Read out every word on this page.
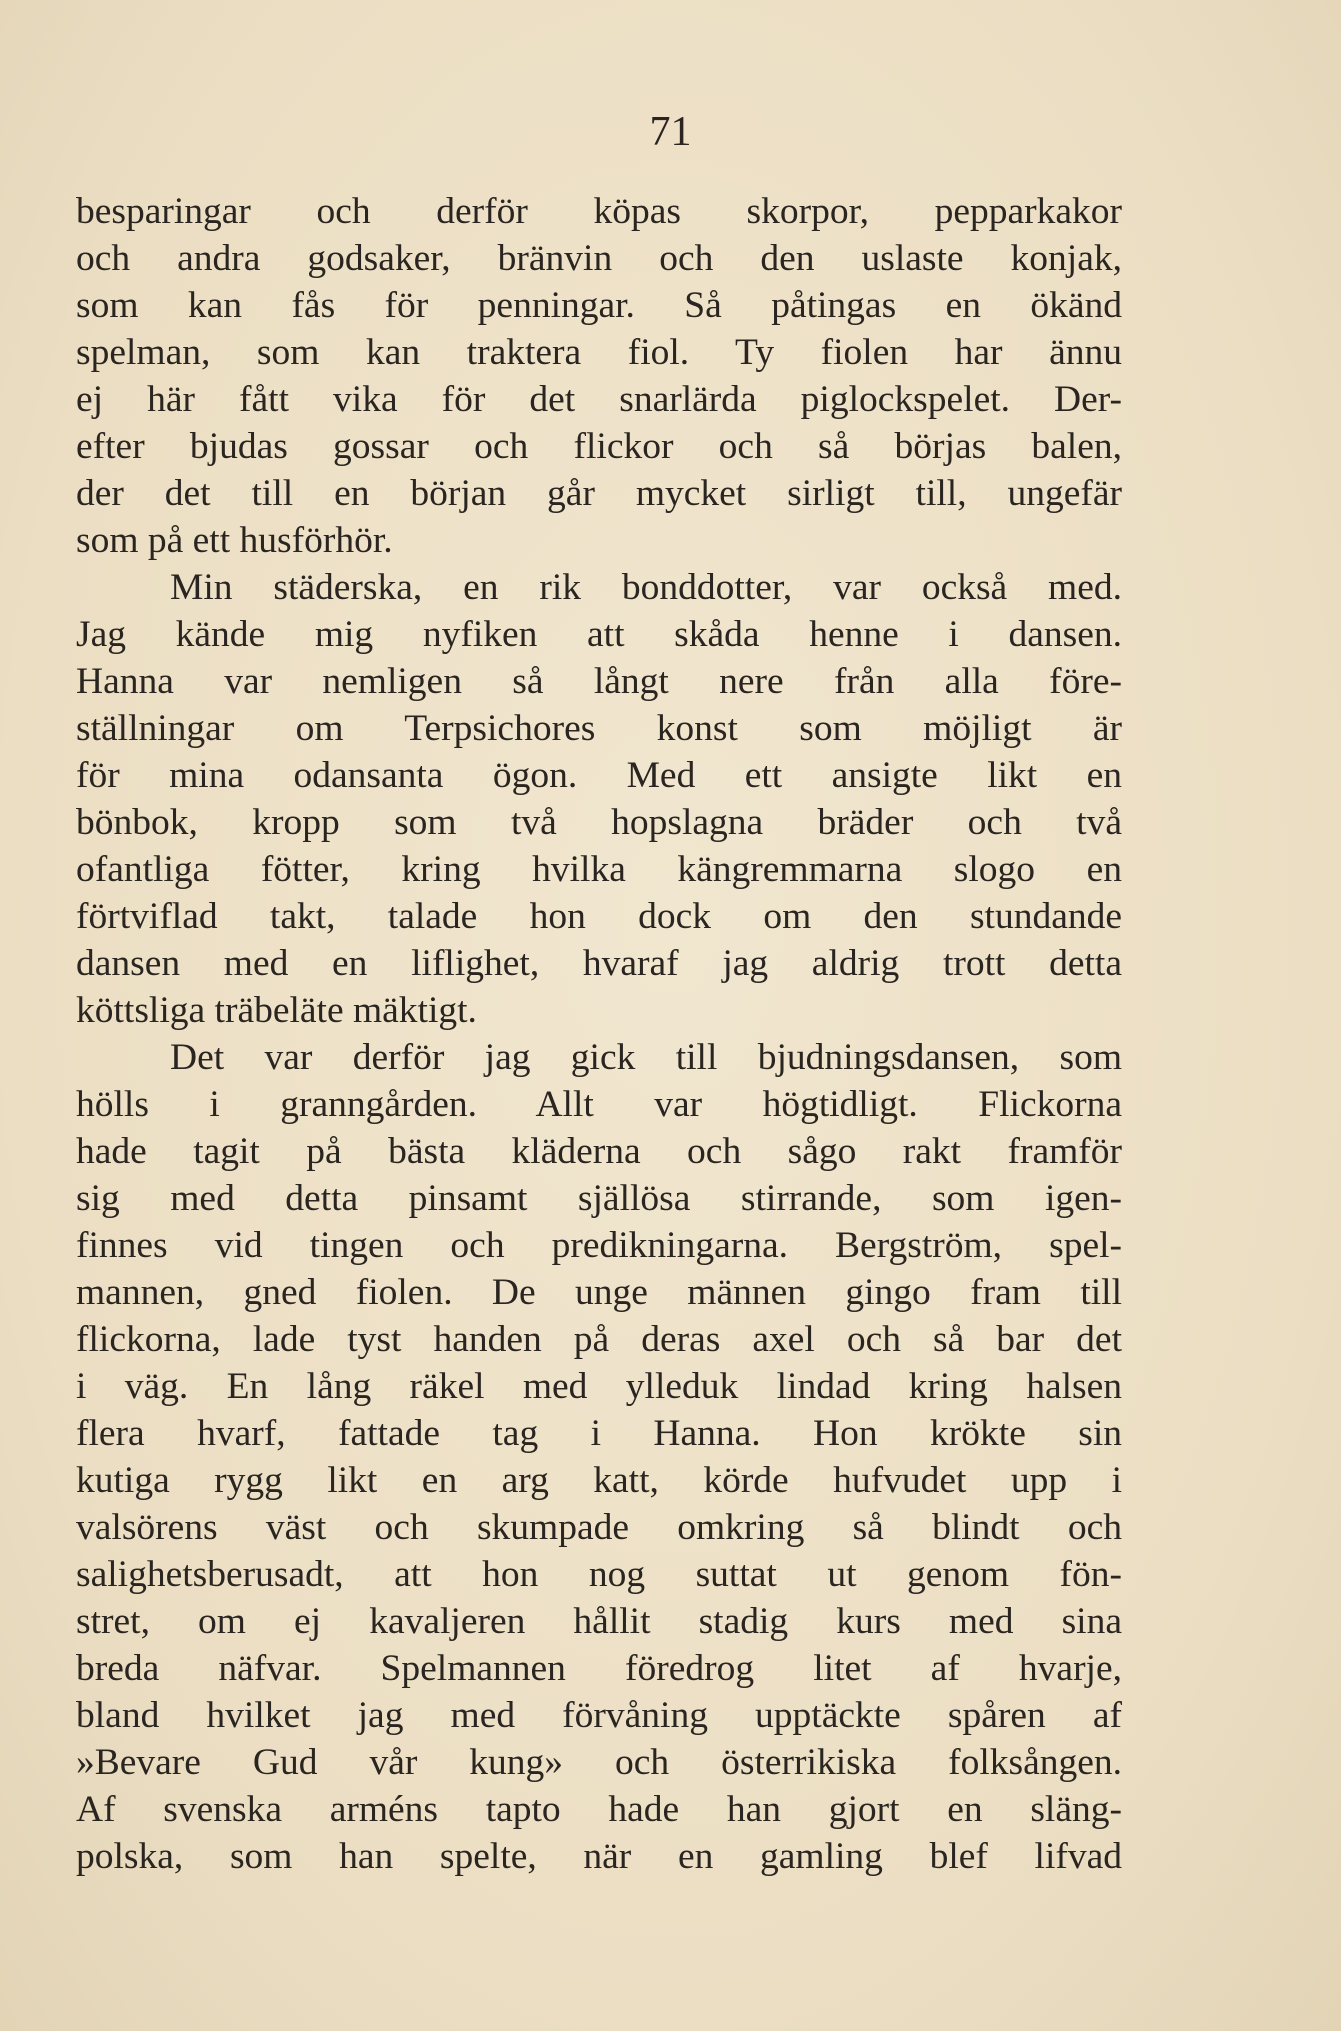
71
besparingar och derför köpas skorpor, pepparkakor
och andra godsaker, bränvin och den uslaste konjak,
som kan fås för penningar. Så påtingas en ökänd
spelman, som kan traktera fiol. Ty fiolen har ännu
ej här fått vika för det snarlärda piglockspelet. Der-
efter bjudas gossar och flickor och så börjas balen,
der det till en början går mycket sirligt till, ungefär
som på ett husförhör.
Min städerska, en rik bonddotter, var också med.
Jag kände mig nyfiken att skåda henne i dansen.
Hanna var nemligen så långt nere från alla före-
ställningar om Terpsichores konst som möjligt är
för mina odansanta ögon. Med ett ansigte likt en
bönbok, kropp som två hopslagna bräder och två
ofantliga fötter, kring hvilka kängremmarna slogo en
förtviflad takt, talade hon dock om den stundande
dansen med en liflighet, hvaraf jag aldrig trott detta
köttsliga träbeläte mäktigt.
Det var derför jag gick till bjudningsdansen, som
hölls i granngården. Allt var högtidligt. Flickorna
hade tagit på bästa kläderna och sågo rakt framför
sig med detta pinsamt själlösa stirrande, som igen-
finnes vid tingen och predikningarna. Bergström, spel-
mannen, gned fiolen. De unge männen gingo fram till
flickorna, lade tyst handen på deras axel och så bar det
i väg. En lång räkel med ylleduk lindad kring halsen
flera hvarf, fattade tag i Hanna. Hon krökte sin
kutiga rygg likt en arg katt, körde hufvudet upp i
valsörens väst och skumpade omkring så blindt och
salighetsberusadt, att hon nog suttat ut genom fön-
stret, om ej kavaljeren hållit stadig kurs med sina
breda näfvar. Spelmannen föredrog litet af hvarje,
bland hvilket jag med förvåning upptäckte spåren af
»Bevare Gud vår kung» och österrikiska folksången.
Af svenska arméns tapto hade han gjort en släng-
polska, som han spelte, när en gamling blef lifvad
